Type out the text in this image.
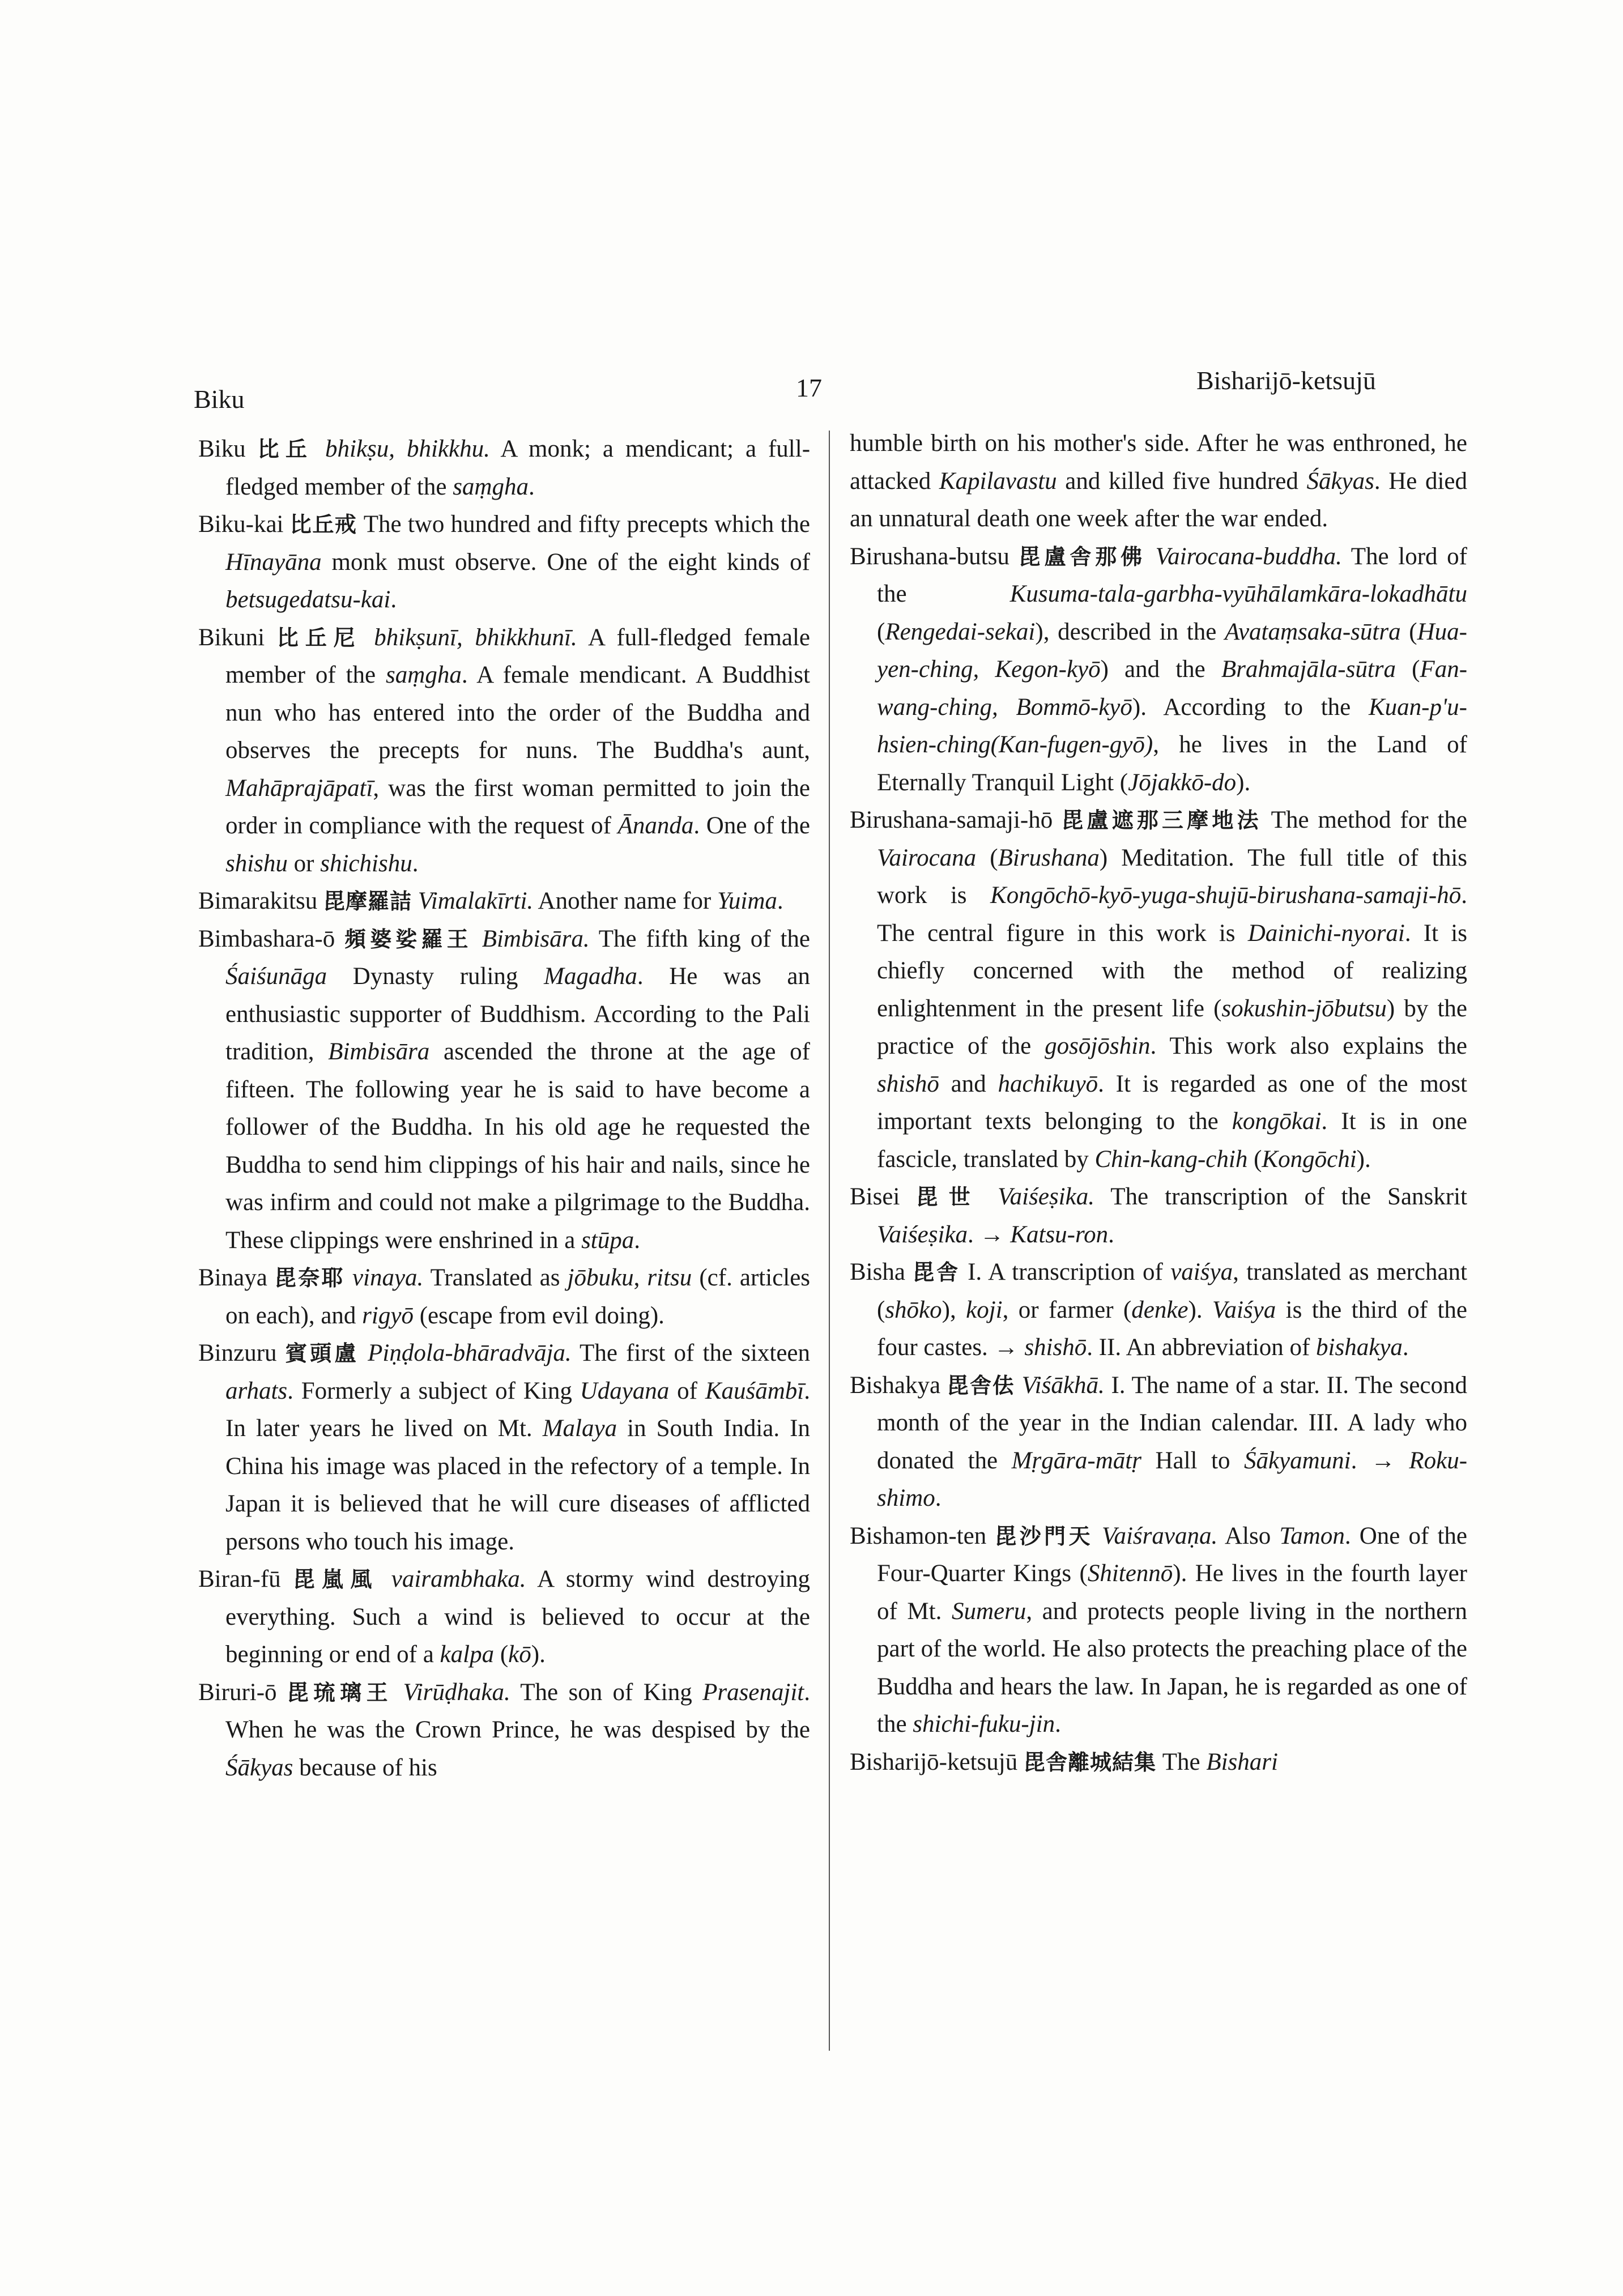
Biku	17	Bisharijō-ketsujū

Biku 比丘 bhikṣu, bhikkhu. A monk; a mendicant; a full-fledged member of the saṃgha.

Biku-kai 比丘戒 The two hundred and fifty precepts which the Hīnayāna monk must observe. One of the eight kinds of betsugedatsu-kai.

Bikuni 比丘尼 bhikṣunī, bhikkhunī. A full-fledged female member of the saṃgha. A female mendicant. A Buddhist nun who has entered into the order of the Buddha and observes the precepts for nuns. The Buddha's aunt, Mahāprajāpatī, was the first woman permitted to join the order in compliance with the request of Ānanda. One of the shishu or shichishu.

Bimarakitsu 毘摩羅詰 Vimalakīrti. Another name for Yuima.

Bimbashara-ō 頻婆娑羅王 Bimbisāra. The fifth king of the Śaiśunāga Dynasty ruling Magadha. He was an enthusiastic supporter of Buddhism. According to the Pali tradition, Bimbisāra ascended the throne at the age of fifteen. The following year he is said to have become a follower of the Buddha. In his old age he requested the Buddha to send him clippings of his hair and nails, since he was infirm and could not make a pilgrimage to the Buddha. These clippings were enshrined in a stūpa.

Binaya 毘奈耶 vinaya. Translated as jōbuku, ritsu (cf. articles on each), and rigyō (escape from evil doing).

Binzuru 賓頭盧 Piṇḍola-bhāradvāja. The first of the sixteen arhats. Formerly a subject of King Udayana of Kauśāmbī. In later years he lived on Mt. Malaya in South India. In China his image was placed in the refectory of a temple. In Japan it is believed that he will cure diseases of afflicted persons who touch his image.

Biran-fū 毘嵐風 vairambhaka. A stormy wind destroying everything. Such a wind is believed to occur at the beginning or end of a kalpa (kō).

Biruri-ō 毘琉璃王 Virūḍhaka. The son of King Prasenajit. When he was the Crown Prince, he was despised by the Śākyas because of his

humble birth on his mother's side. After he was enthroned, he attacked Kapilavastu and killed five hundred Śākyas. He died an unnatural death one week after the war ended.

Birushana-butsu 毘盧舎那佛 Vairocana-buddha. The lord of the Kusuma-tala-garbha-vyūhālamkāra-lokadhātu (Rengedai-sekai), described in the Avataṃsaka-sūtra (Hua-yen-ching, Kegon-kyō) and the Brahmajāla-sūtra (Fan-wang-ching, Bommō-kyō). According to the Kuan-p'u-hsien-ching(Kan-fugen-gyō), he lives in the Land of Eternally Tranquil Light (Jōjakkō-do).

Birushana-samaji-hō 毘盧遮那三摩地法 The method for the Vairocana (Birushana) Meditation. The full title of this work is Kongōchō-kyō-yuga-shujū-birushana-samaji-hō. The central figure in this work is Dainichi-nyorai. It is chiefly concerned with the method of realizing enlightenment in the present life (sokushin-jōbutsu) by the practice of the gosōjōshin. This work also explains the shishō and hachikuyō. It is regarded as one of the most important texts belonging to the kongōkai. It is in one fascicle, translated by Chin-kang-chih (Kongōchi).

Bisei 毘世 Vaiśeṣika. The transcription of the Sanskrit Vaiśeṣika. → Katsu-ron.

Bisha 毘舎 I. A transcription of vaiśya, translated as merchant (shōko), koji, or farmer (denke). Vaiśya is the third of the four castes. → shishō. II. An abbreviation of bishakya.

Bishakya 毘舎佉 Viśākhā. I. The name of a star. II. The second month of the year in the Indian calendar. III. A lady who donated the Mṛgāra-mātṛ Hall to Śākyamuni. → Roku-shimo.

Bishamon-ten 毘沙門天 Vaiśravaṇa. Also Tamon. One of the Four-Quarter Kings (Shitennō). He lives in the fourth layer of Mt. Sumeru, and protects people living in the northern part of the world. He also protects the preaching place of the Buddha and hears the law. In Japan, he is regarded as one of the shichi-fuku-jin.

Bisharijō-ketsujū 毘舎離城結集 The Bishari
